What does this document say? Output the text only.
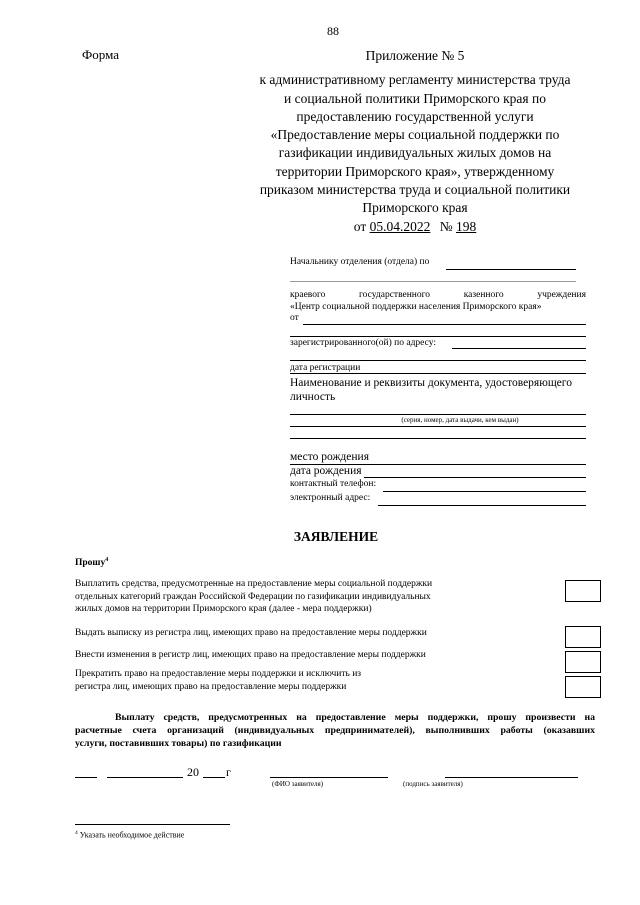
88
Форма	Приложение № 5
к административному регламенту министерства труда
и социальной политики Приморского края по
предоставлению государственной услуги
«Предоставление меры социальной поддержки по
газификации индивидуальных жилых домов на
территории Приморского края», утвержденному
приказом министерства труда и социальной политики
Приморского края
от 05.04.2022 № 198
Начальнику отделения (отдела) по
краевого	государственного	казенного	учреждения
«Центр социальной поддержки населения Приморского края»
от
зарегистрированного(ой) по адресу:
дата регистрации
Наименование и реквизиты документа, удостоверяющего
личность
(серия, номер, дата выдачи, кем выдан)
место рождения
дата рождения
контактный телефон:
электронный адрес:
ЗАЯВЛЕНИЕ
Прошу$^4$
Выплатить средства, предусмотренные на предоставление меры социальной поддержки
отдельных категорий граждан Российской Федерации по газификации индивидуальных
жилых домов на территории Приморского края (далее - мера поддержки)
Выдать выписку из регистра лиц, имеющих право на предоставление меры поддержки
Внести изменения в регистр лиц, имеющих право на предоставление меры поддержки
Прекратить право на предоставление меры поддержки и исключить из
регистра лиц, имеющих право на предоставление меры поддержки
Выплату средств, предусмотренных на предоставление меры поддержки, прошу произвести на
расчетные счета организаций (индивидуальных предпринимателей), выполнивших работы (оказавших
услуги, поставивших товары) по газификации
20 г
(ФИО заявителя)	(подпись заявителя)
$^4$ Указать необходимое действие
